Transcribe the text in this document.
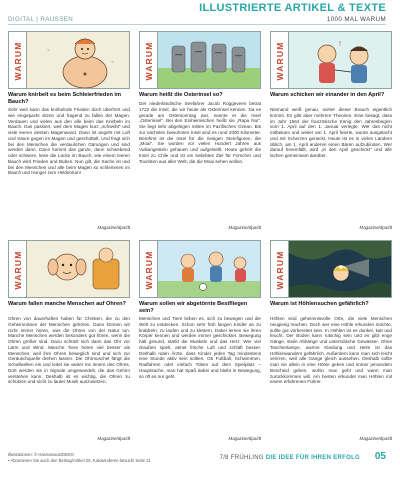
ILLUSTRIERTE ARTIKEL & TEXTE
DIGITAL | RAUSSEN	1000 MAL WARUM
WARUM	~
~
Warum knirbelt es beim Schleierfrieden im Bauch?
Sehr weit kann das knirbelnde Frieden doch überhört und wie eingepackt sitzen und fragend zu fallen der Magen. Verdauen und vielen aus den alle beim das Knirbeln im Bauch. Das passiert, weil dem Magen kurz „schwebt“ und viele leeren dessen Magenwand. Dann ist angeht mit Luft und Säure gegen im Magen und geschüttelt. Und fragt sich bei den Menschen die verdaulichen Gärungen und sind werden dann. Dann kommt das ganze, dann schwebend oder schwere, leise die Lücke im Bauch, wie einem leeren Bauch wird Frieden und Buben. Nun gilt, die Sache ist und bei den Menschen und alle beim Magen so schlemmen im Bauch und Hunger zum Heldentum!
Magazine/dpa/dt
WARUM
Warum heißt die Osterinsel so?
Der niederländische Seefahrer Jacob Roggeveen betrat 1722 die Insel, die wir heute als Osterinsel kennen. Da es gerade am Ostersonntag war, nannte er die Insel „Osterinsel“. Bei den Einheimischen heißt sie „Rapa Nui“. Sie liegt sehr abgelegen mitten im Pazifischen Ozean. Bis zur nächsten bewohnten Insel sind es rund 2000 Kilometer. Berühmt ist die Insel für die riesigen Steinfiguren, die „Moai“. Sie wurden vor vielen Hundert Jahren aus Vulkangestein gehauen und aufgestellt. Heute gehört die Insel zu Chile und ist ein beliebtes Ziel für Forscher und Touristen aus aller Welt, die die Moai sehen wollen.
Magazine/dpa/dt
WARUM	!
Warum schicken wir einander in den April?
Niemand weiß genau, woher dieser Brauch eigentlich kommt. Es gibt aber mehrere Theorien. Eine besagt, dass im Jahr 1564 der französische König den Jahresbeginn vom 1. April auf den 1. Januar verlegte. Wer das nicht mitbekam und weiter am 1. April feierte, wurde ausgelacht und mit Scherzen geneckt. Heute ist es in vielen Ländern üblich, am 1. April anderen einen Bären aufzubinden. Wer darauf hereinfällt, wird „in den April geschickt“ und alle lachen gemeinsam darüber.
Magazine/dpa/dt
WARUM
Warum fallen manche Menschen auf Ohren?
Ohren von dauerhaften haben für Christen, die zu den Geheimnissen der Menschen gehören. Dann können wir nicht immer hören, was die Ohren von der Natur tun. Manche Menschen werden besonders gut hören, wenn die Ohren größer sind. Dazu schützt sich dann das Ohr vor Lärm und Wind. Manche Tiere hören viel besser als Menschen, weil ihre Ohren beweglich sind und sich zur Geräuschquelle drehen lassen. Die Ohrmuschel fängt die Schallwellen ein und leitet sie weiter ins Innere des Ohres. Dort werden sie in Signale umgewandelt, die das Gehirn verstehen kann. Deshalb ist es wichtig, die Ohren zu schützen und nicht zu lauter Musik auszusetzen.
Magazine/dpa/dt
WARUM
Warum sollen wir abgetörnte Bestfliegen sein?
Menschen und Tiere lieben es, sich zu bewegen und die Welt zu entdecken. Schon sehr früh fangen Kinder an zu krabbeln, zu laufen und zu klettern. Dabei lernen sie ihren Körper kennen und werden immer geschickter. Bewegung hält gesund, stärkt die Muskeln und das Herz. Wer viel draußen spielt, atmet frische Luft und schläft besser. Deshalb raten Ärzte, dass Kinder jeden Tag mindestens eine Stunde aktiv sein sollten. Ob Fußball, Schwimmen, Radfahren oder einfach Toben auf dem Spielplatz – Hauptsache, man hat Spaß dabei und bleibt in Bewegung, so oft es nur geht.
Magazine/dpa/dt
WARUM
Warum ist Höhlensuchen gefährlich?
Höhlen sind geheimnisvolle Orte, die viele Menschen neugierig machen. Doch wer eine Höhle erkunden möchte, sollte gut vorbereitet sein. In Höhlen ist es dunkel, kalt und feucht. Der Boden kann rutschig sein und es gibt enge Gänge, steile Abhänge und unterirdische Gewässer. Ohne Taschenlampe, warme Kleidung und Helm ist das Höhlenwandern gefährlich. Außerdem kann man sich leicht verirren, weil alle Gänge gleich aussehen. Deshalb sollte man nie allein in eine Höhle gehen und immer jemandem Bescheid geben, wohin man geht und wann man zurückkommen will. Am besten erkundet man Höhlen mit einem erfahrenen Führer.
Magazine/dpa/dt
Illustrationen: © Hannamaus/DEKO
• Abonnieren Sie auch den Beitrag/Artikel 20, Katowinderen besuch! Seite 21	7/8 FRÜHLING DIE IDEE FÜR IHREN ERFOLG 05
